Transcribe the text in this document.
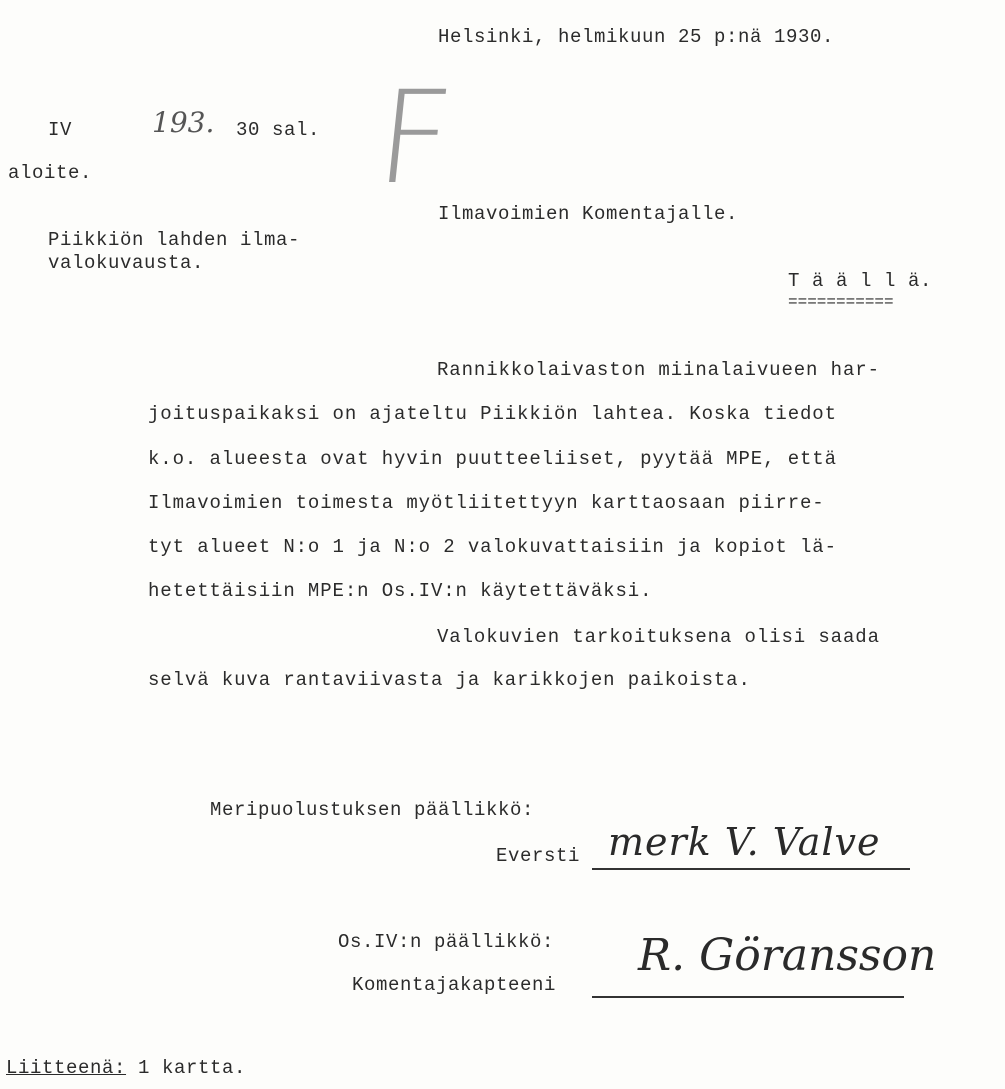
Helsinki, helmikuun 25 p:nä 1930.
IV	193. 30 sal. F
aloite.
Ilmavoimien Komentajalle.
Piikkiön lahden ilma-
valokuvausta.
T ä ä l l ä.
===========
Rannikkolaivaston miinalaivueen har-
joituspaikaksi on ajateltu Piikkiön lahtea. Koska tiedot
k.o. alueesta ovat hyvin puutteeliiset, pyytää MPE, että
Ilmavoimien toimesta myötliitettyyn karttaosaan piirre-
tyt alueet N:o 1 ja N:o 2 valokuvattaisiin ja kopiot lä-
hetettäisiin MPE:n Os.IV:n käytettäväksi.
Valokuvien tarkoituksena olisi saada
selvä kuva rantaviivasta ja karikkojen paikoista.
Meripuolustuksen päällikkö:
Eversti merk V. Valve
Os.IV:n päällikkö:
Komentajakapteeni
R. Göransson
Liitteenä: 1 kartta.
